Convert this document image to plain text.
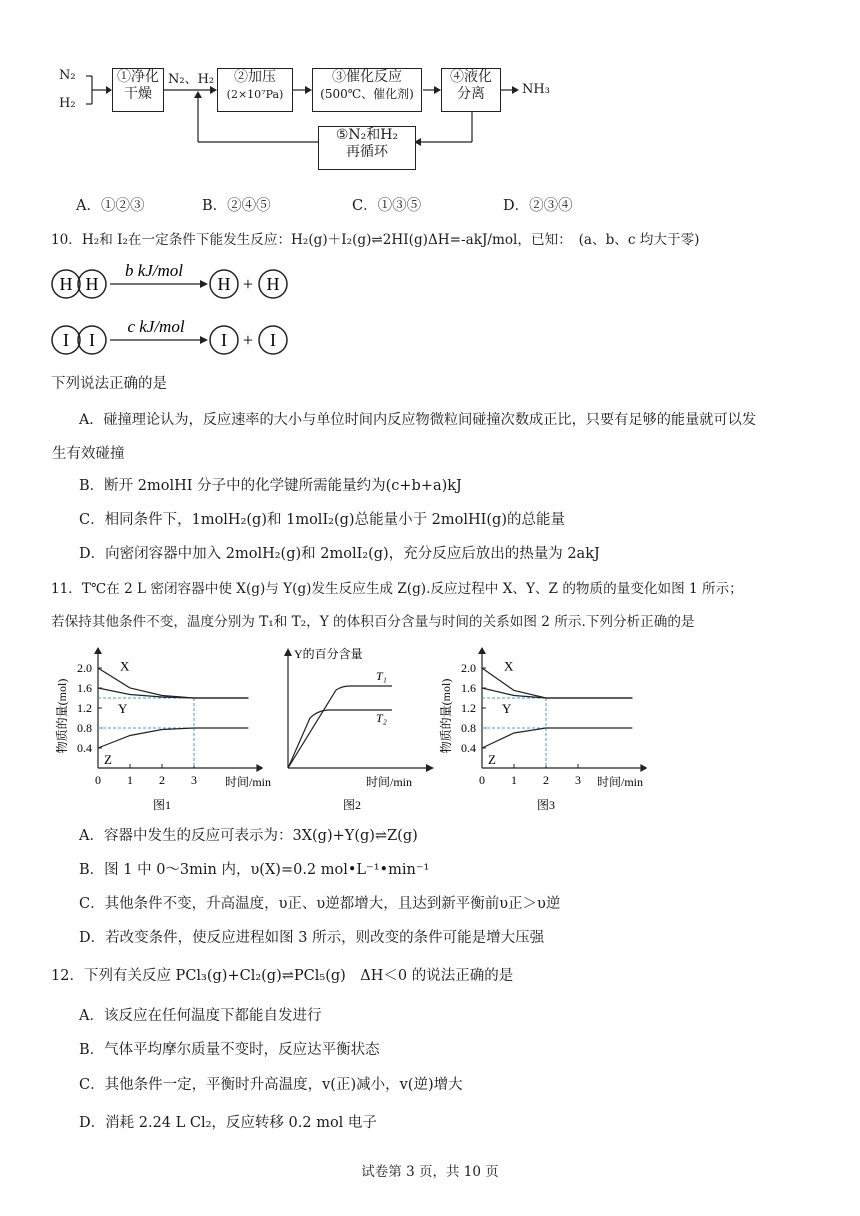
N₂
H₂
①净化
干燥
N₂、H₂	②加压
(2×10⁷Pa)
③催化反应
(500℃、催化剂)
④液化
分离	NH₃
⑤N₂和H₂
再循环
A．①②③	B．②④⑤	C．①③⑤	D．②③④
10．H₂和 I₂在一定条件下能发生反应：H₂(g)＋I₂(g)⇌2HI(g)ΔH=-akJ/mol，已知：　(a、b、c 均大于零)
H H
b kJ/mol
H + H
I I
c kJ/mol
I + I
下列说法正确的是
A．碰撞理论认为，反应速率的大小与单位时间内反应物微粒间碰撞次数成正比，只要有足够的能量就可以发
生有效碰撞
B．断开 2molHI 分子中的化学键所需能量约为(c+b+a)kJ
C．相同条件下，1molH₂(g)和 1molI₂(g)总能量小于 2molHI(g)的总能量
D．向密闭容器中加入 2molH₂(g)和 2molI₂(g)，充分反应后放出的热量为 2akJ
11．T℃在 2 L 密闭容器中使 X(g)与 Y(g)发生反应生成 Z(g).反应过程中 X、Y、Z 的物质的量变化如图 1 所示；
若保持其他条件不变，温度分别为 T₁和 T₂，Y 的体积百分含量与时间的关系如图 2 所示.下列分析正确的是
物质的量(mol)
时间/min
图1
0.4
0.8
1.2
1.6
2.0
0 1 2 3
X
Y
Z
Y的百分含量
时间/min
图2
T₁
T₂	物质的量(mol)
时间/min
图3
0.4
0.8
1.2
1.6
2.0
0 1 2 3
X
Y
Z
A．容器中发生的反应可表示为：3X(g)+Y(g)⇌Z(g)
B．图 1 中 0～3min 内，υ(X)=0.2 mol•L⁻¹•min⁻¹
C．其他条件不变，升高温度，υ正、υ逆都增大，且达到新平衡前υ正＞υ逆
D．若改变条件，使反应进程如图 3 所示，则改变的条件可能是增大压强
12．下列有关反应 PCl₃(g)+Cl₂(g)⇌PCl₅(g)　ΔH＜0 的说法正确的是
A．该反应在任何温度下都能自发进行
B．气体平均摩尔质量不变时，反应达平衡状态
C．其他条件一定，平衡时升高温度，v(正)减小，v(逆)增大
D．消耗 2.24 L Cl₂，反应转移 0.2 mol 电子
试卷第 3 页，共 10 页
